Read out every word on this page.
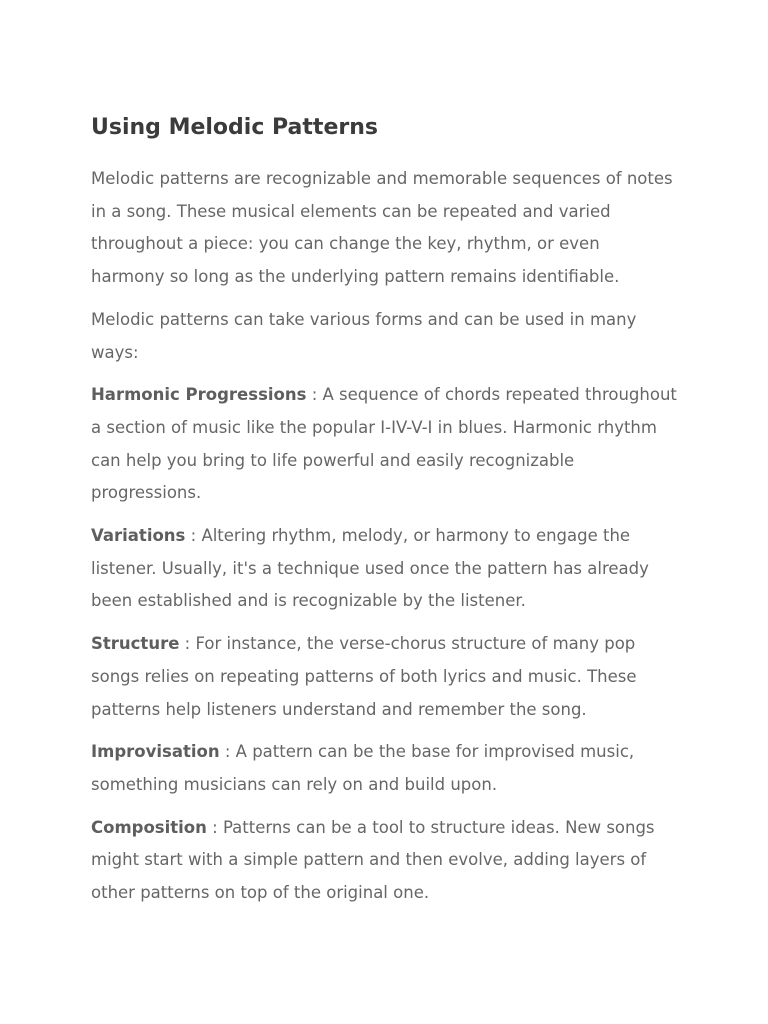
Using Melodic Patterns

Melodic patterns are recognizable and memorable sequences of notes in a song. These musical elements can be repeated and varied throughout a piece: you can change the key, rhythm, or even harmony so long as the underlying pattern remains identifiable.

Melodic patterns can take various forms and can be used in many ways:

Harmonic Progressions : A sequence of chords repeated throughout a section of music like the popular I-IV-V-I in blues. Harmonic rhythm can help you bring to life powerful and easily recognizable progressions.

Variations : Altering rhythm, melody, or harmony to engage the listener. Usually, it's a technique used once the pattern has already been established and is recognizable by the listener.

Structure : For instance, the verse-chorus structure of many pop songs relies on repeating patterns of both lyrics and music. These patterns help listeners understand and remember the song.

Improvisation : A pattern can be the base for improvised music, something musicians can rely on and build upon.

Composition : Patterns can be a tool to structure ideas. New songs might start with a simple pattern and then evolve, adding layers of other patterns on top of the original one.
